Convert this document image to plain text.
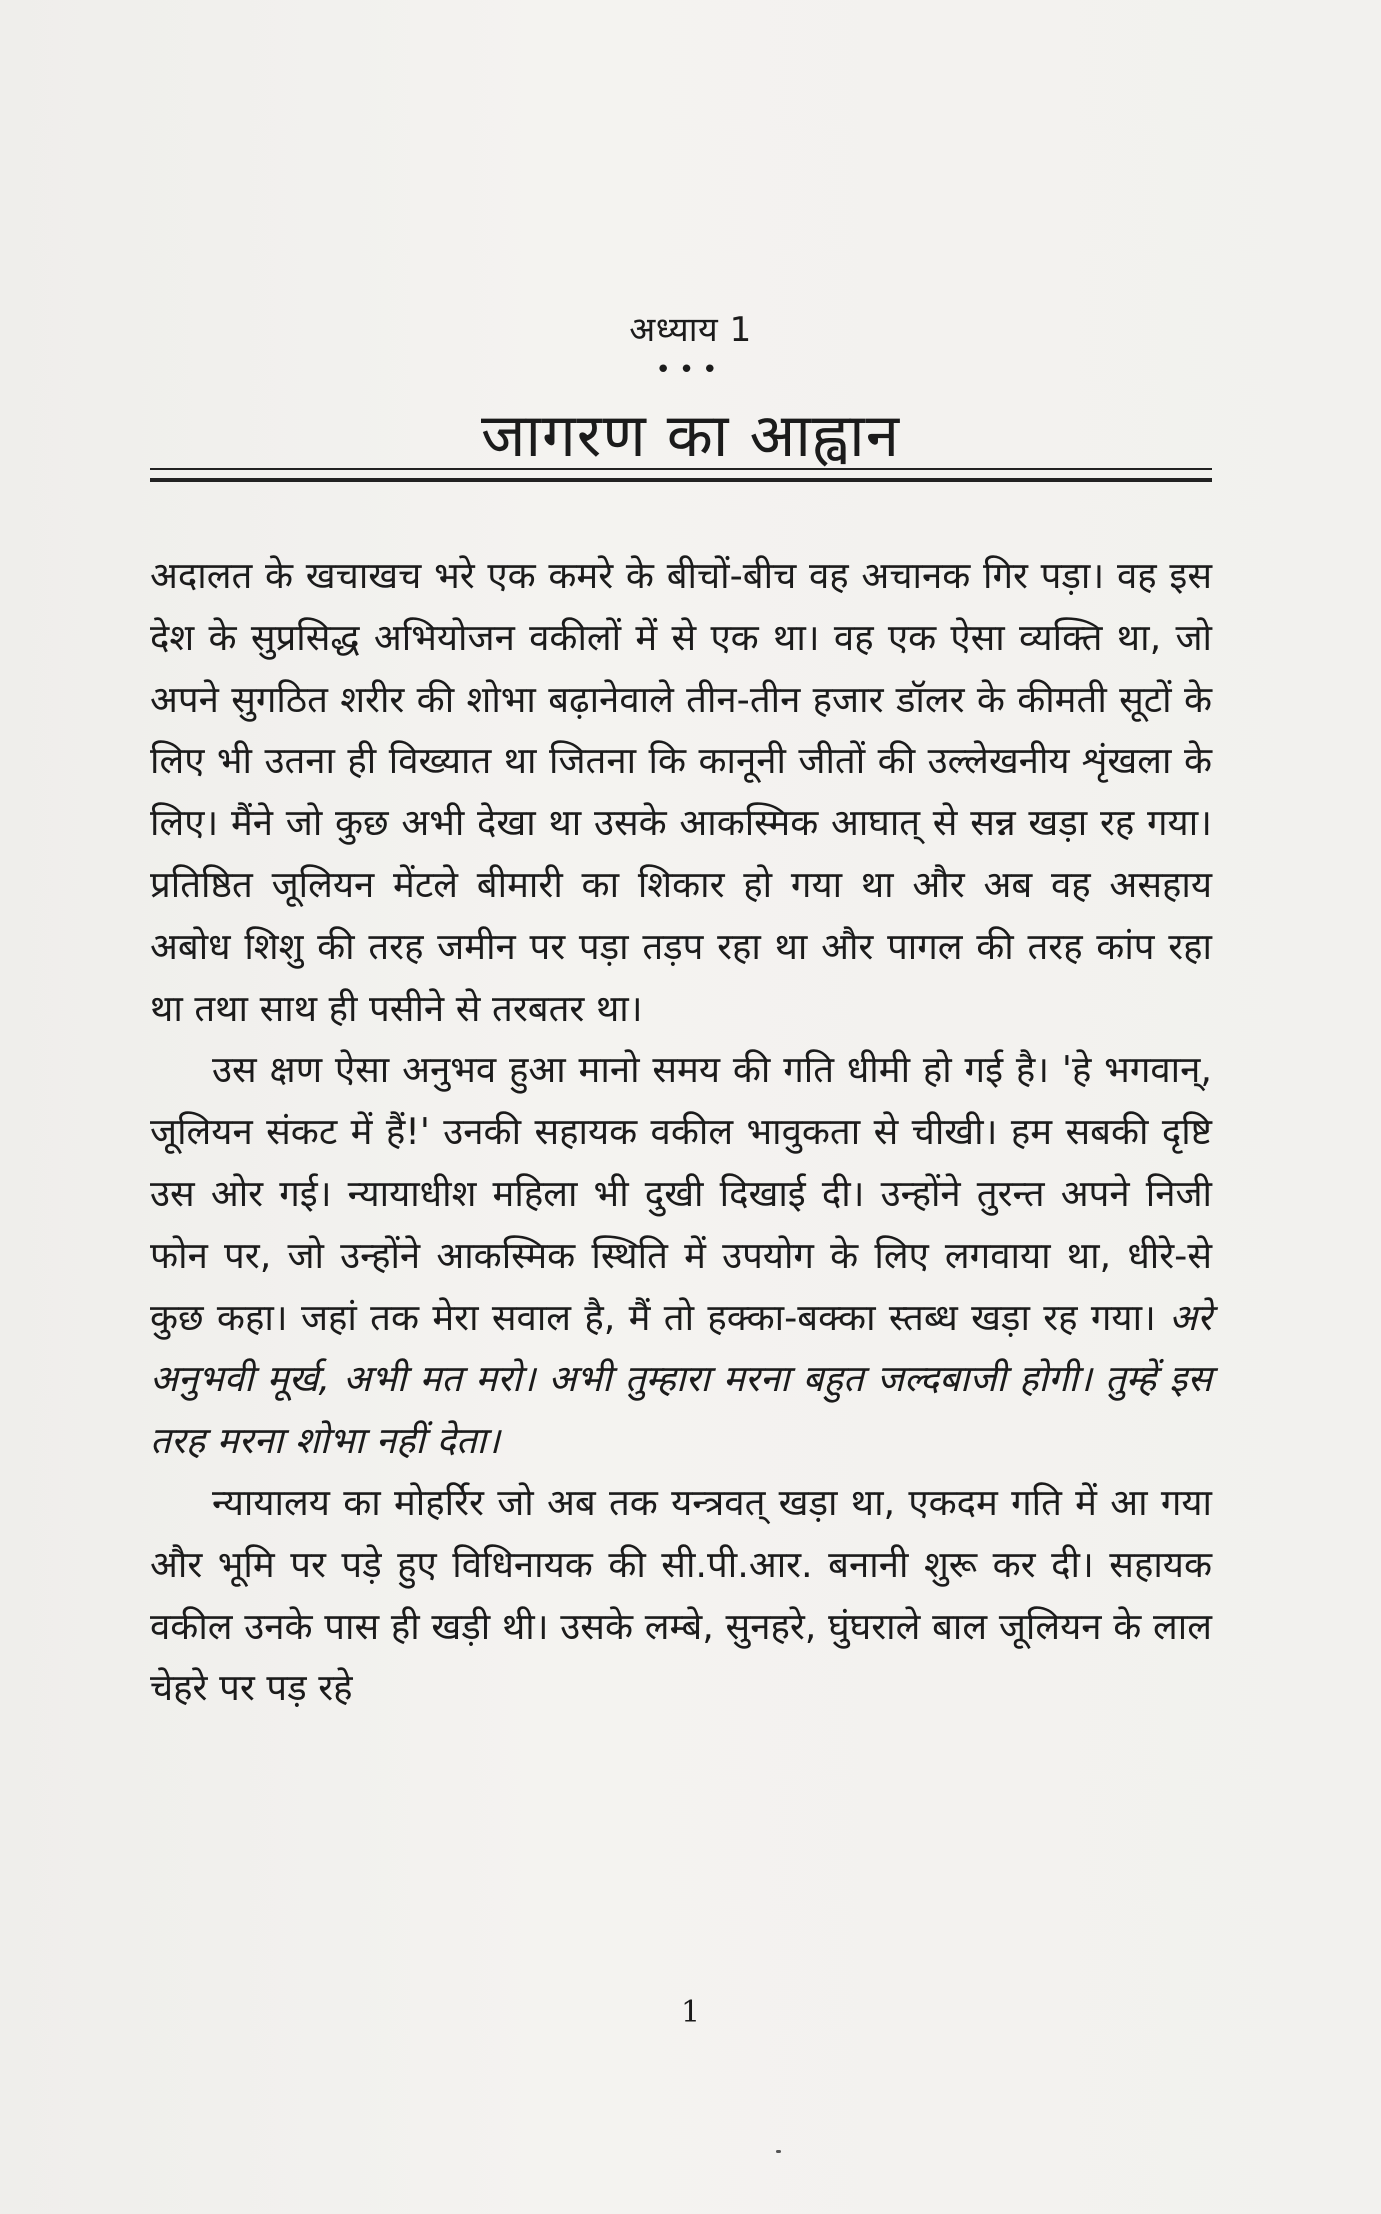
अध्याय 1
•••
जागरण का आह्वान

अदालत के खचाखच भरे एक कमरे के बीचों-बीच वह अचानक गिर पड़ा। वह इस देश के सुप्रसिद्ध अभियोजन वकीलों में से एक था। वह एक ऐसा व्यक्ति था, जो अपने सुगठित शरीर की शोभा बढ़ानेवाले तीन-तीन हजार डॉलर के कीमती सूटों के लिए भी उतना ही विख्यात था जितना कि कानूनी जीतों की उल्लेखनीय शृंखला के लिए। मैंने जो कुछ अभी देखा था उसके आकस्मिक आघात् से सन्न खड़ा रह गया। प्रतिष्ठित जूलियन मेंटले बीमारी का शिकार हो गया था और अब वह असहाय अबोध शिशु की तरह जमीन पर पड़ा तड़प रहा था और पागल की तरह कांप रहा था तथा साथ ही पसीने से तरबतर था।

उस क्षण ऐसा अनुभव हुआ मानो समय की गति धीमी हो गई है। 'हे भगवान्, जूलियन संकट में हैं!' उनकी सहायक वकील भावुकता से चीखी। हम सबकी दृष्टि उस ओर गई। न्यायाधीश महिला भी दुखी दिखाई दी। उन्होंने तुरन्त अपने निजी फोन पर, जो उन्होंने आकस्मिक स्थिति में उपयोग के लिए लगवाया था, धीरे-से कुछ कहा। जहां तक मेरा सवाल है, मैं तो हक्का-बक्का स्तब्ध खड़ा रह गया। अरे अनुभवी मूर्ख, अभी मत मरो। अभी तुम्हारा मरना बहुत जल्दबाजी होगी। तुम्हें इस तरह मरना शोभा नहीं देता।

न्यायालय का मोहर्रिर जो अब तक यन्त्रवत् खड़ा था, एकदम गति में आ गया और भूमि पर पड़े हुए विधिनायक की सी.पी.आर. बनानी शुरू कर दी। सहायक वकील उनके पास ही खड़ी थी। उसके लम्बे, सुनहरे, घुंघराले बाल जूलियन के लाल चेहरे पर पड़ रहे

1
